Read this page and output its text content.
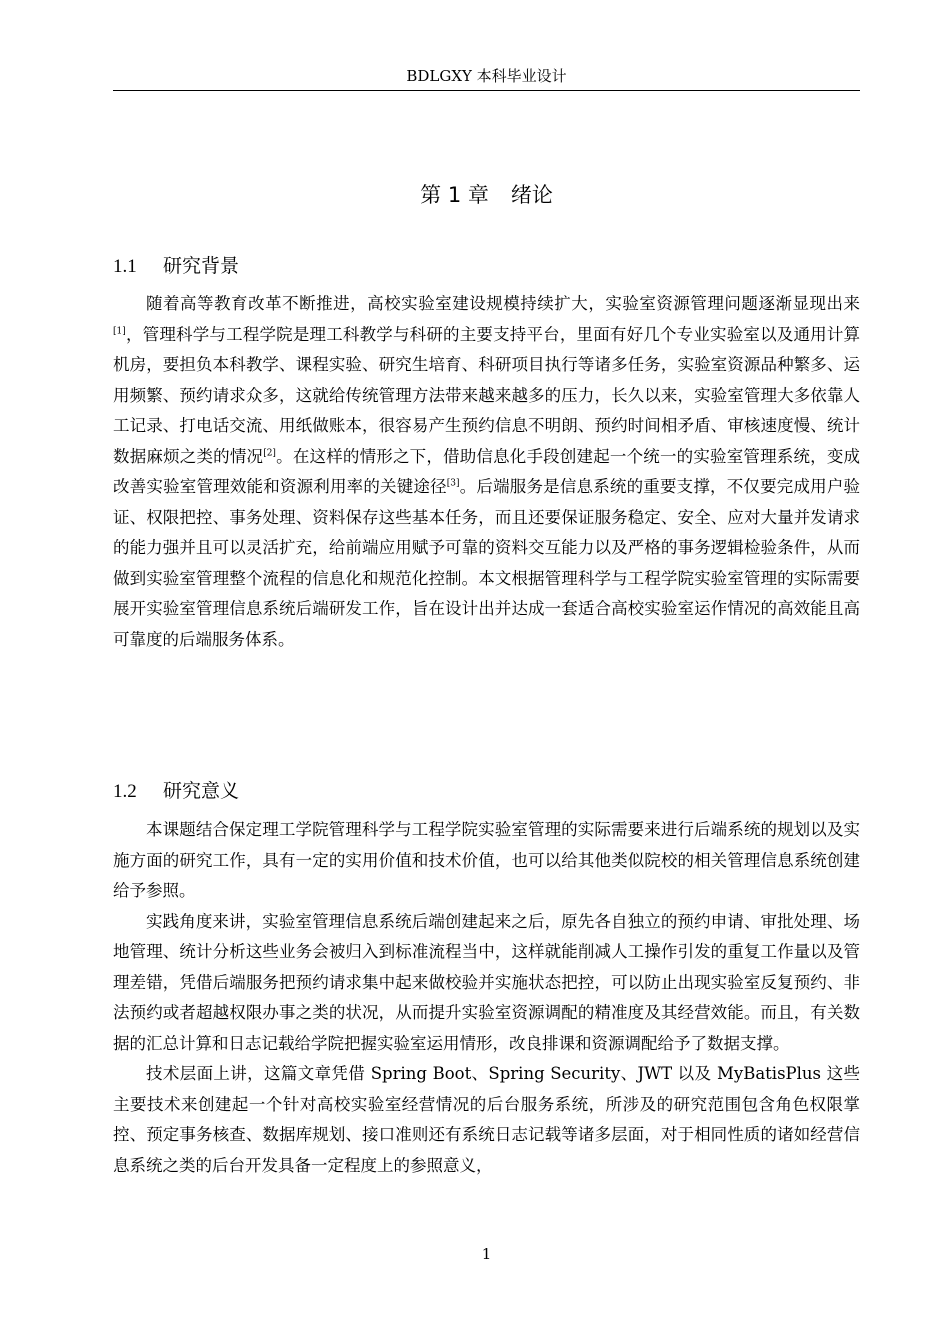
BDLGXY 本科毕业设计
第 1 章 绪论
1.1 研究背景

随着高等教育改革不断推进，高校实验室建设规模持续扩大，实验室资源管理问题逐渐显现出来[1]，管理科学与工程学院是理工科教学与科研的主要支持平台，里面有好几个专业实验室以及通用计算机房，要担负本科教学、课程实验、研究生培育、科研项目执行等诸多任务，实验室资源品种繁多、运用频繁、预约请求众多，这就给传统管理方法带来越来越多的压力，长久以来，实验室管理大多依靠人工记录、打电话交流、用纸做账本，很容易产生预约信息不明朗、预约时间相矛盾、审核速度慢、统计数据麻烦之类的情况[2]。在这样的情形之下，借助信息化手段创建起一个统一的实验室管理系统，变成改善实验室管理效能和资源利用率的关键途径[3]。后端服务是信息系统的重要支撑，不仅要完成用户验证、权限把控、事务处理、资料保存这些基本任务，而且还要保证服务稳定、安全、应对大量并发请求的能力强并且可以灵活扩充，给前端应用赋予可靠的资料交互能力以及严格的事务逻辑检验条件，从而做到实验室管理整个流程的信息化和规范化控制。本文根据管理科学与工程学院实验室管理的实际需要展开实验室管理信息系统后端研发工作，旨在设计出并达成一套适合高校实验室运作情况的高效能且高可靠度的后端服务体系。

1.2 研究意义

本课题结合保定理工学院管理科学与工程学院实验室管理的实际需要来进行后端系统的规划以及实施方面的研究工作，具有一定的实用价值和技术价值，也可以给其他类似院校的相关管理信息系统创建给予参照。

实践角度来讲，实验室管理信息系统后端创建起来之后，原先各自独立的预约申请、审批处理、场地管理、统计分析这些业务会被归入到标准流程当中，这样就能削减人工操作引发的重复工作量以及管理差错，凭借后端服务把预约请求集中起来做校验并实施状态把控，可以防止出现实验室反复预约、非法预约或者超越权限办事之类的状况，从而提升实验室资源调配的精准度及其经营效能。而且，有关数据的汇总计算和日志记载给学院把握实验室运用情形，改良排课和资源调配给予了数据支撑。

技术层面上讲，这篇文章凭借 Spring Boot、Spring Security、JWT 以及 MyBatisPlus 这些主要技术来创建起一个针对高校实验室经营情况的后台服务系统，所涉及的研究范围包含角色权限掌控、预定事务核查、数据库规划、接口准则还有系统日志记载等诸多层面，对于相同性质的诸如经营信息系统之类的后台开发具备一定程度上的参照意义，

1
